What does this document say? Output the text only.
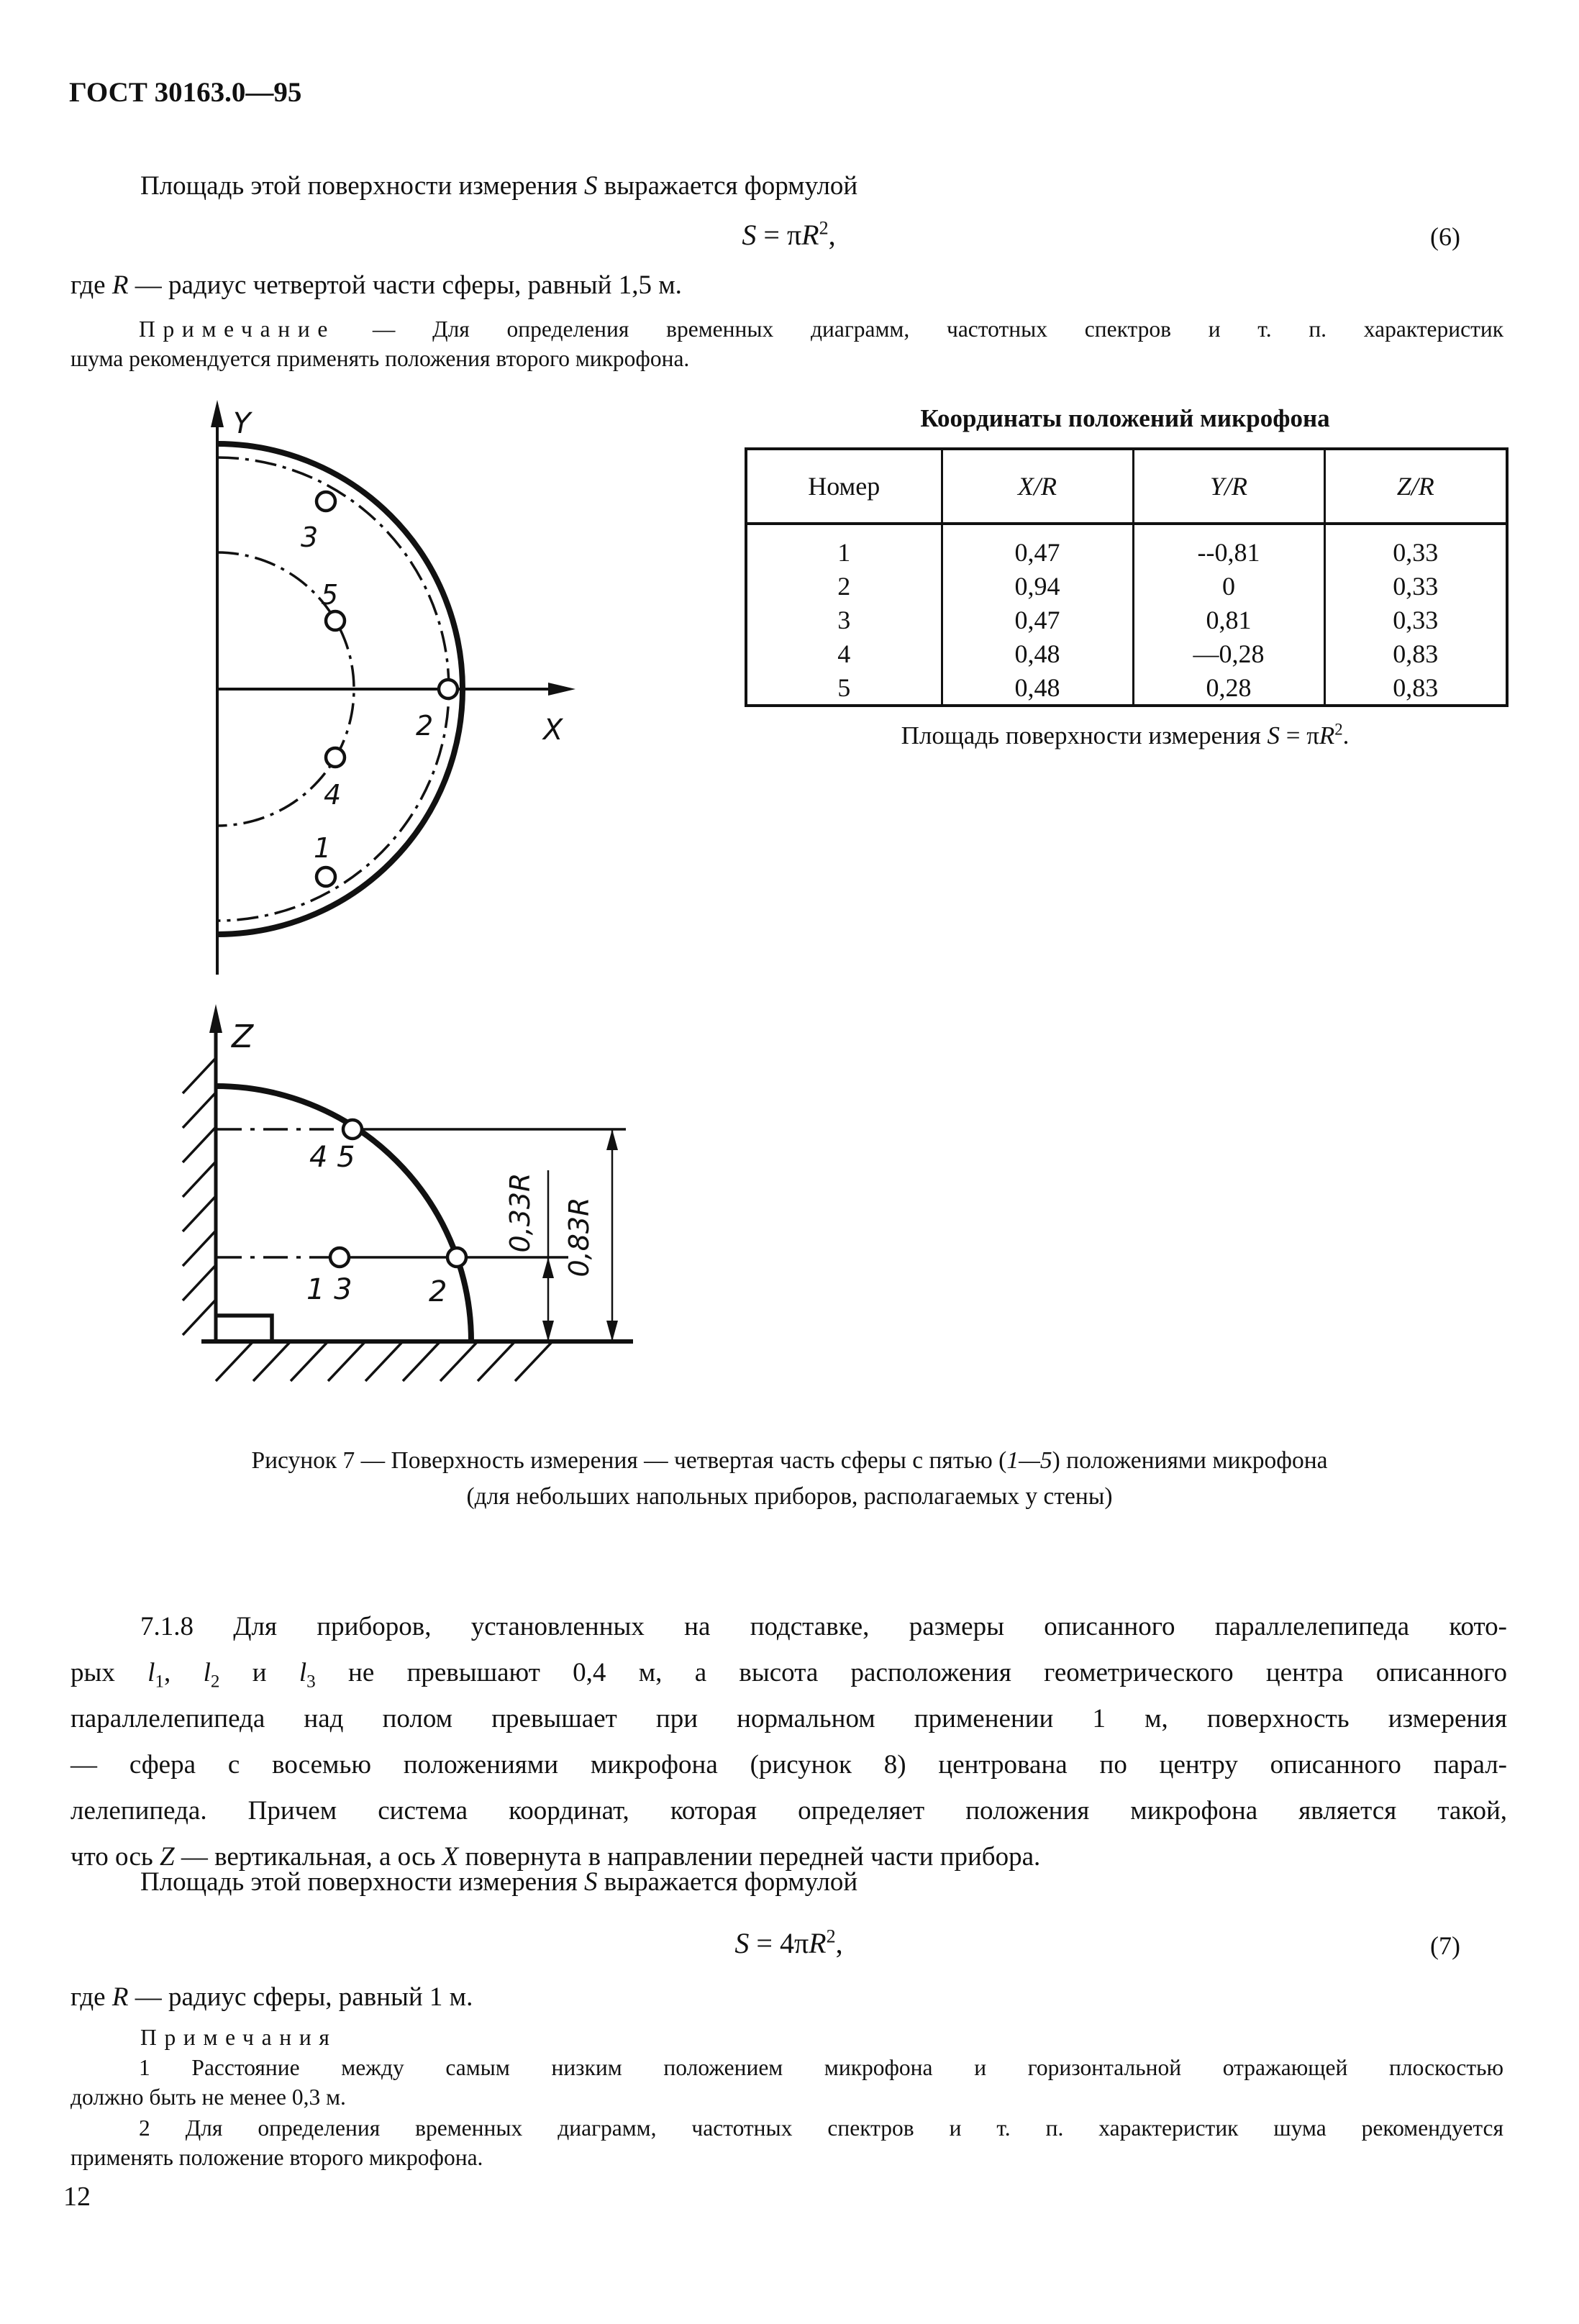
ГОСТ 30163.0—95
Площадь этой поверхности измерения S выражается формулой
$S = \pi R^2$,	(6)
где R — радиус четвертой части сферы, равный 1,5 м.
Примечание — Для определения временных диаграмм, частотных спектров и т. п. характеристик
шума рекомендуется применять положения второго микрофона.
Координаты положений микрофона
Номер	X/R	Y/R	Z/R
1	0,47	--0,81	0,33
2	0,94	0	0,33
3	0,47	0,81	0,33
4	0,48	—0,28	0,83
5	0,48	0,28	0,83
Площадь поверхности измерения $S = \pi R^2$.
Y
X
3
5
2
4
1
Z
4 5
1 3	2
0,33R 0,83R
Рисунок 7 — Поверхность измерения — четвертая часть сферы с пятью (1—5) положениями микрофона
(для небольших напольных приборов, располагаемых у стены)
7.1.8 Для приборов, установленных на подставке, размеры описанного параллелепипеда кото-
рых $l_1$, $l_2$ и $l_3$ не превышают 0,4 м, а высота расположения геометрического центра описанного
параллелепипеда над полом превышает при нормальном применении 1 м, поверхность измерения
— сфера с восемью положениями микрофона (рисунок 8) центрована по центру описанного парал-
лелепипеда. Причем система координат, которая определяет положения микрофона является такой,
что ось Z — вертикальная, а ось X повернута в направлении передней части прибора.
Площадь этой поверхности измерения S выражается формулой
$S = 4\pi R^2$,	(7)
где R — радиус сферы, равный 1 м.
Примечания
1 Расстояние между самым низким положением микрофона и горизонтальной отражающей плоскостью
должно быть не менее 0,3 м.
2 Для определения временных диаграмм, частотных спектров и т. п. характеристик шума рекомендуется
применять положение второго микрофона.
12
